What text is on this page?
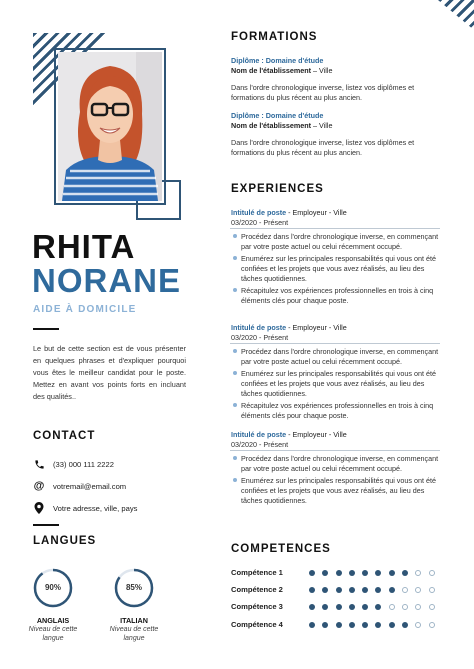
RHITA
NORANE
AIDE À DOMICILE
Le but de cette section est de vous présenter en quelques phrases et d'expliquer pourquoi vous êtes le meilleur candidat pour le poste. Mettez en avant vos points forts en incluant des qualités..
CONTACT
(33) 000 111 2222
@ votremail@email.com
Votre adresse, ville, pays
LANGUES
90%
ANGLAIS
Niveau de cette langue
85%
ITALIAN
Niveau de cette langue
FORMATIONS
Diplôme : Domaine d'étude
Nom de l'établissement – Ville
Dans l'ordre chronologique inverse, listez vos diplômes et formations du plus récent au plus ancien.
Diplôme : Domaine d'étude
Nom de l'établissement – Ville
Dans l'ordre chronologique inverse, listez vos diplômes et formations du plus récent au plus ancien.
EXPERIENCES
Intitulé de poste - Employeur - Ville
03/2020 - Présent
Procédez dans l'ordre chronologique inverse, en commençant par votre poste actuel ou celui récemment occupé.
Enumérez sur les principales responsabilités qui vous ont été confiées et les projets que vous avez réalisés, au lieu des tâches quotidiennes.
Récapitulez vos expériences professionnelles en trois à cinq éléments clés pour chaque poste.
Intitulé de poste - Employeur - Ville
03/2020 - Présent
Procédez dans l'ordre chronologique inverse, en commençant par votre poste actuel ou celui récemment occupé.
Enumérez sur les principales responsabilités qui vous ont été confiées et les projets que vous avez réalisés, au lieu des tâches quotidiennes.
Récapitulez vos expériences professionnelles en trois à cinq éléments clés pour chaque poste.
Intitulé de poste - Employeur - Ville
03/2020 - Présent
Procédez dans l'ordre chronologique inverse, en commençant par votre poste actuel ou celui récemment occupé.
Enumérez sur les principales responsabilités qui vous ont été confiées et les projets que vous avez réalisés, au lieu des tâches quotidiennes.
COMPETENCES
Compétence 1
Compétence 2
Compétence 3
Compétence 4
